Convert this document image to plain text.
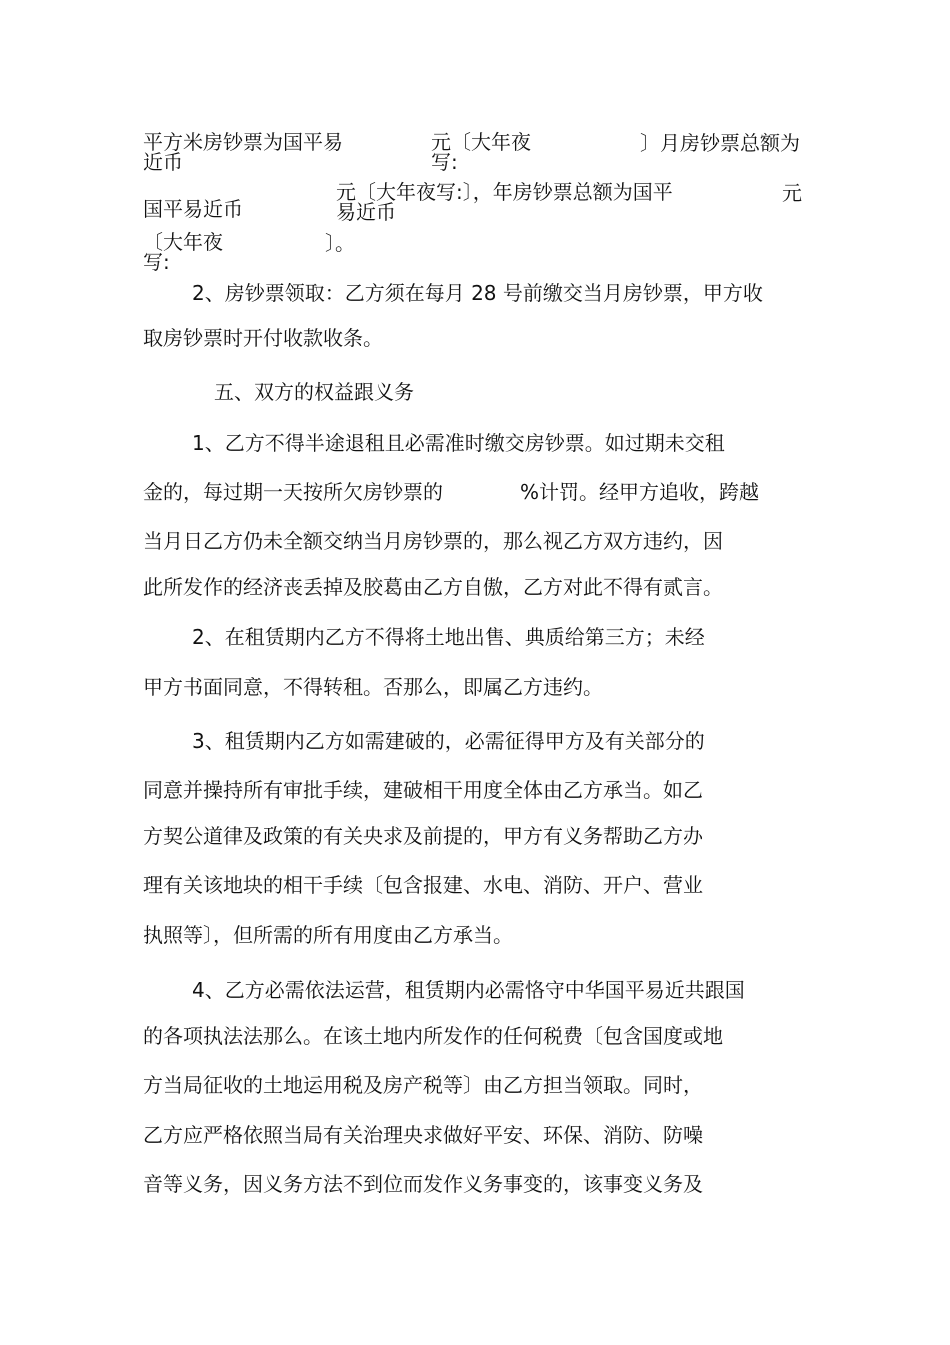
平方米房钞票为国平易
近币
元〔大年夜
写:
〕月房钞票总额为
国平易近币
元〔大年夜写:〕，年房钞票总额为国平
易近币
元
〔大年夜
写:
〕。
2、房钞票领取：乙方须在每月 28 号前缴交当月房钞票，甲方收
取房钞票时开付收款收条。
五、双方的权益跟义务
1、乙方不得半途退租且必需准时缴交房钞票。如过期未交租
金的，每过期一天按所欠房钞票的	%计罚。经甲方追收，跨越
当月日乙方仍未全额交纳当月房钞票的，那么视乙方双方违约，因
此所发作的经济丧丢掉及胶葛由乙方自傲，乙方对此不得有贰言。
2、在租赁期内乙方不得将土地出售、典质给第三方；未经
甲方书面同意，不得转租。否那么，即属乙方违约。
3、租赁期内乙方如需建破的，必需征得甲方及有关部分的
同意并操持所有审批手续，建破相干用度全体由乙方承当。如乙
方契公道律及政策的有关央求及前提的，甲方有义务帮助乙方办
理有关该地块的相干手续〔包含报建、水电、消防、开户、营业
执照等〕，但所需的所有用度由乙方承当。
4、乙方必需依法运营，租赁期内必需恪守中华国平易近共跟国
的各项执法法那么。在该土地内所发作的任何税费〔包含国度或地
方当局征收的土地运用税及房产税等〕由乙方担当领取。同时，
乙方应严格依照当局有关治理央求做好平安、环保、消防、防噪
音等义务，因义务方法不到位而发作义务事变的，该事变义务及
